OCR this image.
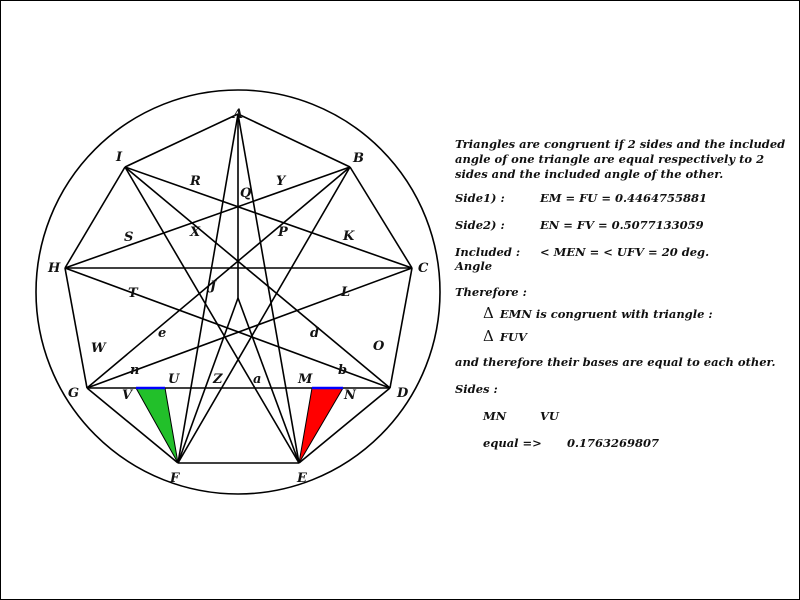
A
B
C
D
E
F
G
H
I
J
K
L
M
N
O
P
Q
R
S
T
U
V
W
X
Y
Z a
b
d
e
n
Triangles are congruent if 2 sides and the included angle of one triangle are equal respectively to 2 sides and the included angle of the other.
Side1) :	EM = FU = 0.4464755881
Side2) :	EN = FV = 0.5077133059
Included :
Angle
< MEN = < UFV = 20 deg.
Therefore :
Δ EMN is congruent with triangle :
Δ FUV
and therefore their bases are equal to each other.
Sides :
MN	VU
equal => 0.1763269807
